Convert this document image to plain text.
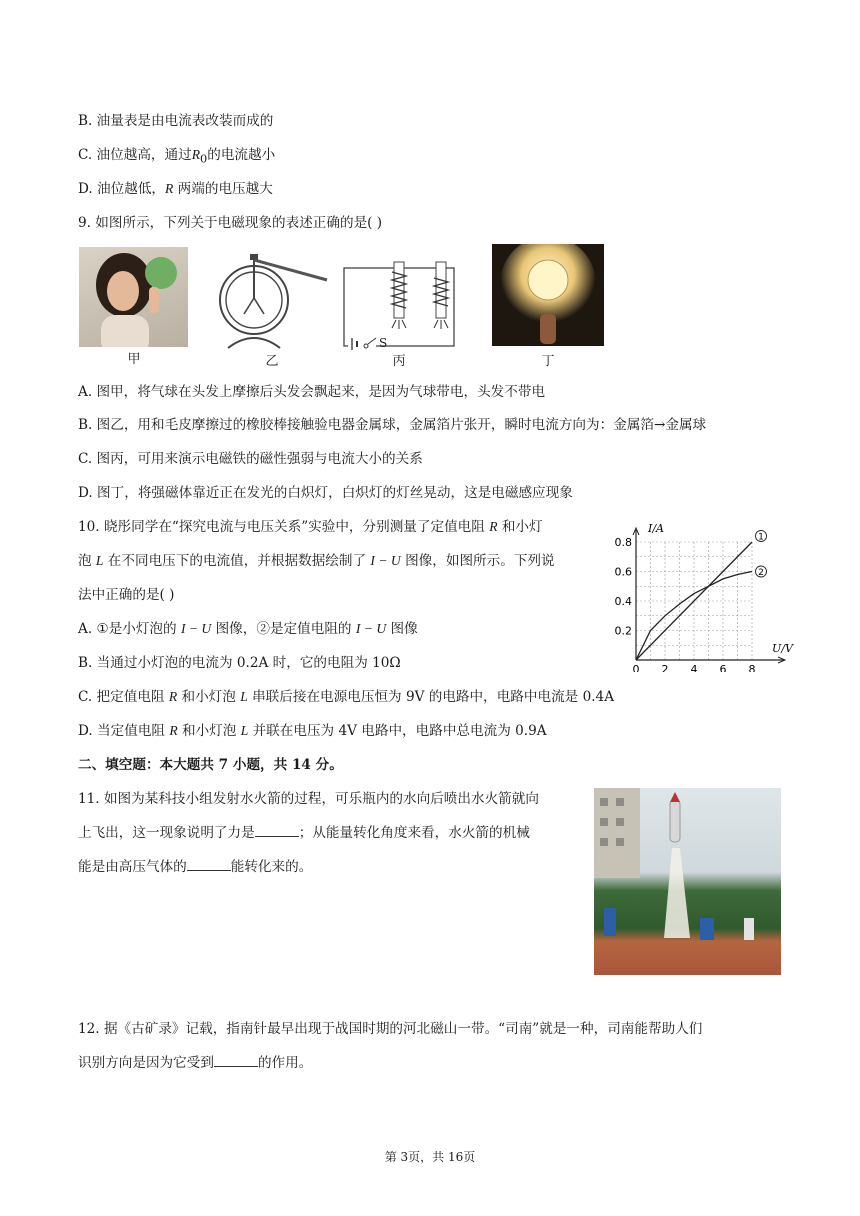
B. 油量表是由电流表改装而成的
C. 油位越高，通过$R_0$的电流越小
D. 油位越低，R 两端的电压越大
9. 如图所示，下列关于电磁现象的表述正确的是( )
甲	乙
S
丙	丁
A. 图甲，将气球在头发上摩擦后头发会飘起来，是因为气球带电，头发不带电
B. 图乙，用和毛皮摩擦过的橡胶棒接触验电器金属球，金属箔片张开，瞬时电流方向为：金属箔→金属球
C. 图丙，可用来演示电磁铁的磁性强弱与电流大小的关系
D. 图丁，将强磁体靠近正在发光的白炽灯，白炽灯的灯丝晃动，这是电磁感应现象
10. 晓彤同学在“探究电流与电压关系”实验中，分别测量了定值电阻 R 和小灯
泡 L 在不同电压下的电流值，并根据数据绘制了 I − U 图像，如图所示。下列说
法中正确的是( )
A. ①是小灯泡的 I − U 图像，②是定值电阻的 I − U 图像
B. 当通过小灯泡的电流为 0.2A 时，它的电阻为 10Ω
C. 把定值电阻 R 和小灯泡 L 串联后接在电源电压恒为 9V 的电路中，电路中电流是 0.4A
D. 当定值电阻 R 和小灯泡 L 并联在电压为 4V 电路中，电路中总电流为 0.9A
1
2
0 2 4 6 8
0.2
0.4
0.6
0.8
I/A
U/V
二、填空题：本大题共 7 小题，共 14 分。
11. 如图为某科技小组发射水火箭的过程，可乐瓶内的水向后喷出水火箭就向
上飞出，这一现象说明了力是	；从能量转化角度来看，水火箭的机械
能是由高压气体的	能转化来的。
12. 据《古矿录》记载，指南针最早出现于战国时期的河北磁山一带。“司南”就是一种，司南能帮助人们
识别方向是因为它受到	的作用。
第 3页，共 16页
